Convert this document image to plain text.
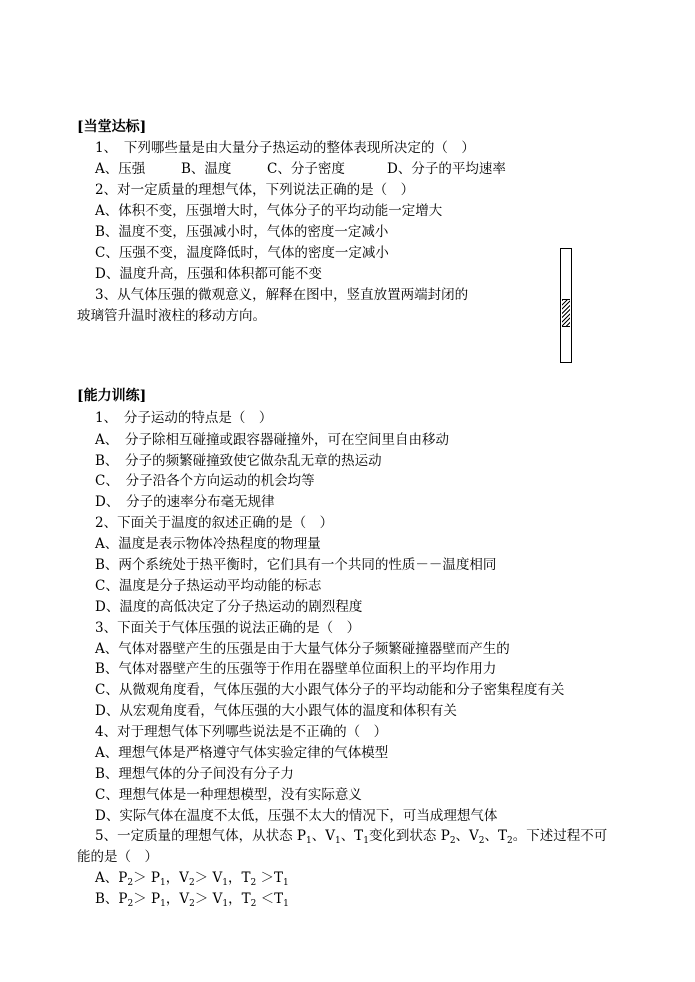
[当堂达标]
1、　下列哪些量是由大量分子热运动的整体表现所决定的（　）
A、压强	B、温度	C、分子密度	D、分子的平均速率
2、对一定质量的理想气体，下列说法正确的是（　）
A、体积不变，压强增大时，气体分子的平均动能一定增大
B、温度不变，压强减小时，气体的密度一定减小
C、压强不变，温度降低时，气体的密度一定减小
D、温度升高，压强和体积都可能不变
3、从气体压强的微观意义，解释在图中，竖直放置两端封闭的
玻璃管升温时液柱的移动方向。
[能力训练]
1、　分子运动的特点是（　）
A、　分子除相互碰撞或跟容器碰撞外，可在空间里自由移动
B、　分子的频繁碰撞致使它做杂乱无章的热运动
C、　分子沿各个方向运动的机会均等
D、　分子的速率分布毫无规律
2、下面关于温度的叙述正确的是（　）
A、温度是表示物体冷热程度的物理量
B、两个系统处于热平衡时，它们具有一个共同的性质－－温度相同
C、温度是分子热运动平均动能的标志
D、温度的高低决定了分子热运动的剧烈程度
3、下面关于气体压强的说法正确的是（　）
A、气体对器壁产生的压强是由于大量气体分子频繁碰撞器壁而产生的
B、气体对器壁产生的压强等于作用在器壁单位面积上的平均作用力
C、从微观角度看，气体压强的大小跟气体分子的平均动能和分子密集程度有关
D、从宏观角度看，气体压强的大小跟气体的温度和体积有关
4、对于理想气体下列哪些说法是不正确的（　）
A、理想气体是严格遵守气体实验定律的气体模型
B、理想气体的分子间没有分子力
C、理想气体是一种理想模型，没有实际意义
D、实际气体在温度不太低，压强不太大的情况下，可当成理想气体
5、一定质量的理想气体，从状态 $P_1$、$V_1$、$T_1$变化到状态 $P_2$、$V_2$、$T_2$。下述过程不可
能的是（　）
A、$P_2> P_1$，$V_2> V_1$，$T_2 >T_1$
B、$P_2> P_1$，$V_2> V_1$，$T_2 <T_1$
